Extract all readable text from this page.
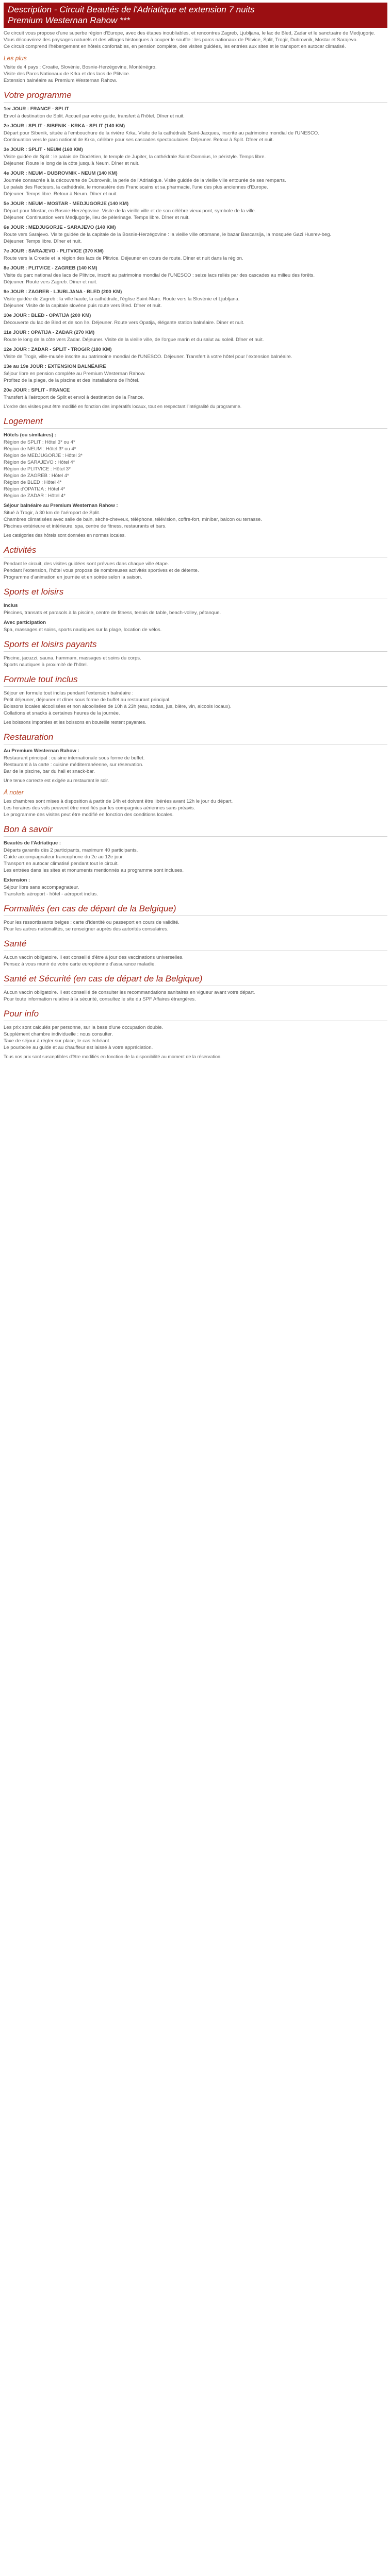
Description - Circuit Beautés de l'Adriatique et extension 7 nuits
Premium Westernan Rahow ***

Ce circuit vous propose d'une superbe région d'Europe, avec des étapes inoubliables, et rencontres Zagreb, Ljubljana, le lac de Bled, Zadar et le sanctuaire de Medjugorje.

Vous découvrirez des paysages naturels et des villages historiques à couper le souffle : les parcs nationaux de Plitvice, Split, Trogir, Dubrovnik, Mostar et Sarajevo.

Ce circuit comprend l'hébergement en hôtels confortables, en pension complète, des visites guidées, les entrées aux sites et le transport en autocar climatisé.

Les plus

Visite de 4 pays : Croatie, Slovénie, Bosnie-Herzégovine, Monténégro.

Visite des Parcs Nationaux de Krka et des lacs de Plitvice.

Extension balnéaire au Premium Westernan Rahow.

Votre programme
1er JOUR : FRANCE - SPLIT

Envol à destination de Split. Accueil par votre guide, transfert à l'hôtel. Dîner et nuit.

2e JOUR : SPLIT - SIBENIK - KRKA - SPLIT (140 KM)

Départ pour Sibenik, située à l'embouchure de la rivière Krka. Visite de la cathédrale Saint-Jacques, inscrite au patrimoine mondial de l'UNESCO.

Continuation vers le parc national de Krka, célèbre pour ses cascades spectaculaires. Déjeuner. Retour à Split. Dîner et nuit.

3e JOUR : SPLIT - NEUM (160 KM)

Visite guidée de Split : le palais de Dioclétien, le temple de Jupiter, la cathédrale Saint-Domnius, le péristyle. Temps libre.

Déjeuner. Route le long de la côte jusqu'à Neum. Dîner et nuit.

4e JOUR : NEUM - DUBROVNIK - NEUM (140 KM)

Journée consacrée à la découverte de Dubrovnik, la perle de l'Adriatique. Visite guidée de la vieille ville entourée de ses remparts.

Le palais des Recteurs, la cathédrale, le monastère des Franciscains et sa pharmacie, l'une des plus anciennes d'Europe.

Déjeuner. Temps libre. Retour à Neum. Dîner et nuit.

5e JOUR : NEUM - MOSTAR - MEDJUGORJE (140 KM)

Départ pour Mostar, en Bosnie-Herzégovine. Visite de la vieille ville et de son célèbre vieux pont, symbole de la ville.

Déjeuner. Continuation vers Medjugorje, lieu de pèlerinage. Temps libre. Dîner et nuit.

6e JOUR : MEDJUGORJE - SARAJEVO (140 KM)

Route vers Sarajevo. Visite guidée de la capitale de la Bosnie-Herzégovine : la vieille ville ottomane, le bazar Bascarsija, la mosquée Gazi Husrev-beg.

Déjeuner. Temps libre. Dîner et nuit.

7e JOUR : SARAJEVO - PLITVICE (370 KM)

Route vers la Croatie et la région des lacs de Plitvice. Déjeuner en cours de route. Dîner et nuit dans la région.

8e JOUR : PLITVICE - ZAGREB (140 KM)

Visite du parc national des lacs de Plitvice, inscrit au patrimoine mondial de l'UNESCO : seize lacs reliés par des cascades au milieu des forêts.

Déjeuner. Route vers Zagreb. Dîner et nuit.

9e JOUR : ZAGREB - LJUBLJANA - BLED (200 KM)

Visite guidée de Zagreb : la ville haute, la cathédrale, l'église Saint-Marc. Route vers la Slovénie et Ljubljana.

Déjeuner. Visite de la capitale slovène puis route vers Bled. Dîner et nuit.

10e JOUR : BLED - OPATIJA (200 KM)

Découverte du lac de Bled et de son île. Déjeuner. Route vers Opatija, élégante station balnéaire. Dîner et nuit.

11e JOUR : OPATIJA - ZADAR (270 KM)

Route le long de la côte vers Zadar. Déjeuner. Visite de la vieille ville, de l'orgue marin et du salut au soleil. Dîner et nuit.

12e JOUR : ZADAR - SPLIT - TROGIR (180 KM)

Visite de Trogir, ville-musée inscrite au patrimoine mondial de l'UNESCO. Déjeuner. Transfert à votre hôtel pour l'extension balnéaire.

13e au 19e JOUR : EXTENSION BALNÉAIRE

Séjour libre en pension complète au Premium Westernan Rahow.

Profitez de la plage, de la piscine et des installations de l'hôtel.

20e JOUR : SPLIT - FRANCE

Transfert à l'aéroport de Split et envol à destination de la France.

L'ordre des visites peut être modifié en fonction des impératifs locaux, tout en respectant l'intégralité du programme.

Logement
Hôtels (ou similaires) :

Région de SPLIT : Hôtel 3* ou 4*

Région de NEUM : Hôtel 3* ou 4*

Région de MEDJUGORJE : Hôtel 3*

Région de SARAJEVO : Hôtel 4*

Région de PLITVICE : Hôtel 3*

Région de ZAGREB : Hôtel 4*

Région de BLED : Hôtel 4*

Région d'OPATIJA : Hôtel 4*

Région de ZADAR : Hôtel 4*

Séjour balnéaire au Premium Westernan Rahow :

Situé à Trogir, à 30 km de l'aéroport de Split.

Chambres climatisées avec salle de bain, sèche-cheveux, téléphone, télévision, coffre-fort, minibar, balcon ou terrasse.

Piscines extérieure et intérieure, spa, centre de fitness, restaurants et bars.

Les catégories des hôtels sont données en normes locales.

Activités

Pendant le circuit, des visites guidées sont prévues dans chaque ville étape.

Pendant l'extension, l'hôtel vous propose de nombreuses activités sportives et de détente.

Programme d'animation en journée et en soirée selon la saison.

Sports et loisirs
Inclus

Piscines, transats et parasols à la piscine, centre de fitness, tennis de table, beach-volley, pétanque.

Avec participation

Spa, massages et soins, sports nautiques sur la plage, location de vélos.

Sports et loisirs payants

Piscine, jacuzzi, sauna, hammam, massages et soins du corps.

Sports nautiques à proximité de l'hôtel.

Formule tout inclus

Séjour en formule tout inclus pendant l'extension balnéaire :

Petit déjeuner, déjeuner et dîner sous forme de buffet au restaurant principal.

Boissons locales alcoolisées et non alcoolisées de 10h à 23h (eau, sodas, jus, bière, vin, alcools locaux).

Collations et snacks à certaines heures de la journée.

Les boissons importées et les boissons en bouteille restent payantes.

Restauration
Au Premium Westernan Rahow :

Restaurant principal : cuisine internationale sous forme de buffet.

Restaurant à la carte : cuisine méditerranéenne, sur réservation.

Bar de la piscine, bar du hall et snack-bar.

Une tenue correcte est exigée au restaurant le soir.

À noter

Les chambres sont mises à disposition à partir de 14h et doivent être libérées avant 12h le jour du départ.

Les horaires des vols peuvent être modifiés par les compagnies aériennes sans préavis.

Le programme des visites peut être modifié en fonction des conditions locales.

Bon à savoir
Beautés de l'Adriatique :

Départs garantis dès 2 participants, maximum 40 participants.

Guide accompagnateur francophone du 2e au 12e jour.

Transport en autocar climatisé pendant tout le circuit.

Les entrées dans les sites et monuments mentionnés au programme sont incluses.

Extension :

Séjour libre sans accompagnateur.

Transferts aéroport - hôtel - aéroport inclus.

Formalités (en cas de départ de la Belgique)

Pour les ressortissants belges : carte d'identité ou passeport en cours de validité.

Pour les autres nationalités, se renseigner auprès des autorités consulaires.

Santé

Aucun vaccin obligatoire. Il est conseillé d'être à jour des vaccinations universelles.

Pensez à vous munir de votre carte européenne d'assurance maladie.

Santé et Sécurité (en cas de départ de la Belgique)

Aucun vaccin obligatoire. Il est conseillé de consulter les recommandations sanitaires en vigueur avant votre départ.

Pour toute information relative à la sécurité, consultez le site du SPF Affaires étrangères.

Pour info

Les prix sont calculés par personne, sur la base d'une occupation double.

Supplément chambre individuelle : nous consulter.

Taxe de séjour à régler sur place, le cas échéant.

Le pourboire au guide et au chauffeur est laissé à votre appréciation.

Tous nos prix sont susceptibles d'être modifiés en fonction de la disponibilité au moment de la réservation.
